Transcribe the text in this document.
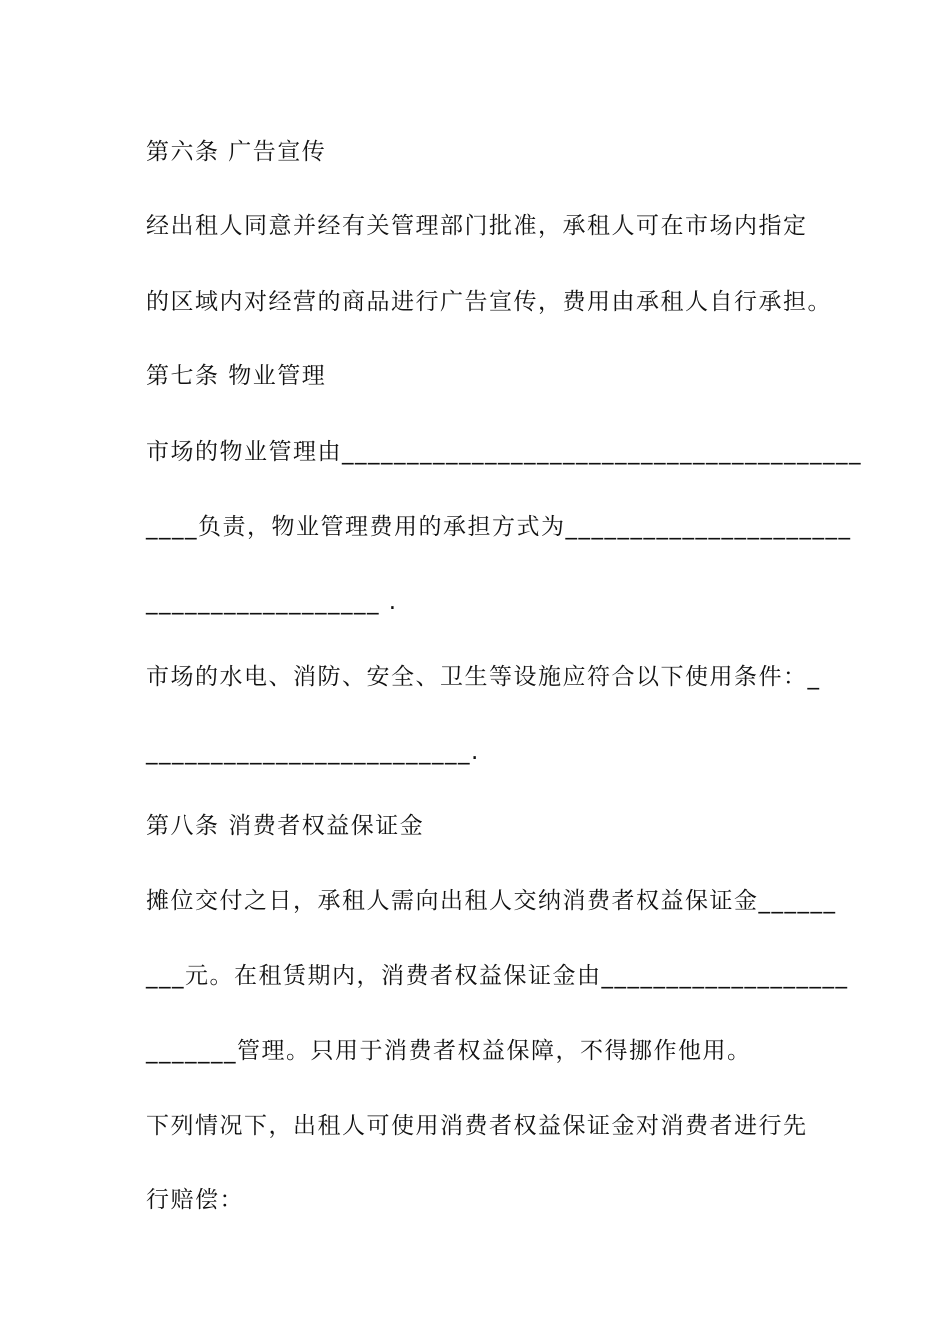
第六条 广告宣传
经出租人同意并经有关管理部门批准，承租人可在市场内指定
的区域内对经营的商品进行广告宣传，费用由承租人自行承担。
第七条 物业管理
市场的物业管理由________________________________________
____负责，物业管理费用的承担方式为______________________
__________________ .
市场的水电、消防、安全、卫生等设施应符合以下使用条件：_
_________________________.
第八条 消费者权益保证金
摊位交付之日，承租人需向出租人交纳消费者权益保证金______
___元。在租赁期内，消费者权益保证金由___________________
_______管理。只用于消费者权益保障，不得挪作他用。
下列情况下，出租人可使用消费者权益保证金对消费者进行先
行赔偿：
